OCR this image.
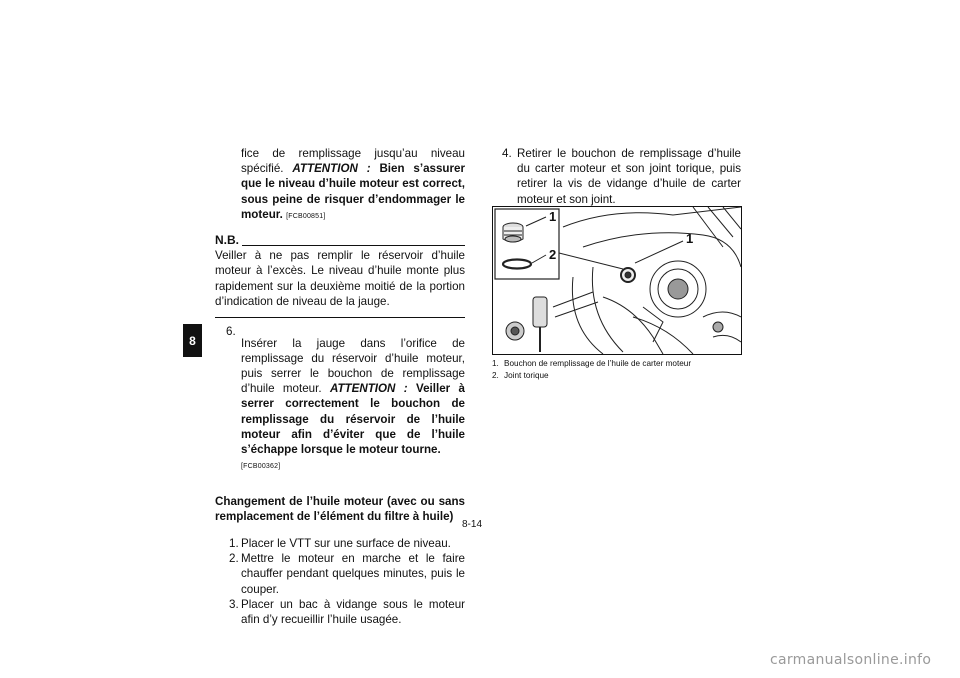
8

fice de remplissage jusqu’au niveau spécifié. ATTENTION : Bien s’assurer que le niveau d’huile moteur est correct, sous peine de risquer d’endommager le moteur. [FCB00851]

N.B.

Veiller à ne pas remplir le réservoir d’huile moteur à l’excès. Le niveau d’huile monte plus rapidement sur la deuxième moitié de la portion d’indication de niveau de la jauge.

6.

Insérer la jauge dans l’orifice de remplissage du réservoir d’huile moteur, puis serrer le bouchon de remplissage d’huile moteur. ATTENTION : Veiller à serrer correctement le bouchon de remplissage du réservoir de l’huile moteur afin d’éviter que de l’huile s’échappe lorsque le moteur tourne.
[FCB00362]

Changement de l’huile moteur (avec ou sans remplacement de l’élément du filtre à huile)

1. Placer le VTT sur une surface de niveau.
2. Mettre le moteur en marche et le faire chauffer pendant quelques minutes, puis le couper.
3. Placer un bac à vidange sous le moteur afin d’y recueillir l’huile usagée.
4. Retirer le bouchon de remplissage d’huile du carter moteur et son joint torique, puis retirer la vis de vidange d’huile de carter moteur et son joint.
1
2
1
1. Bouchon de remplissage de l’huile de carter moteur
2. Joint torique
8-14
carmanualsonline.info
